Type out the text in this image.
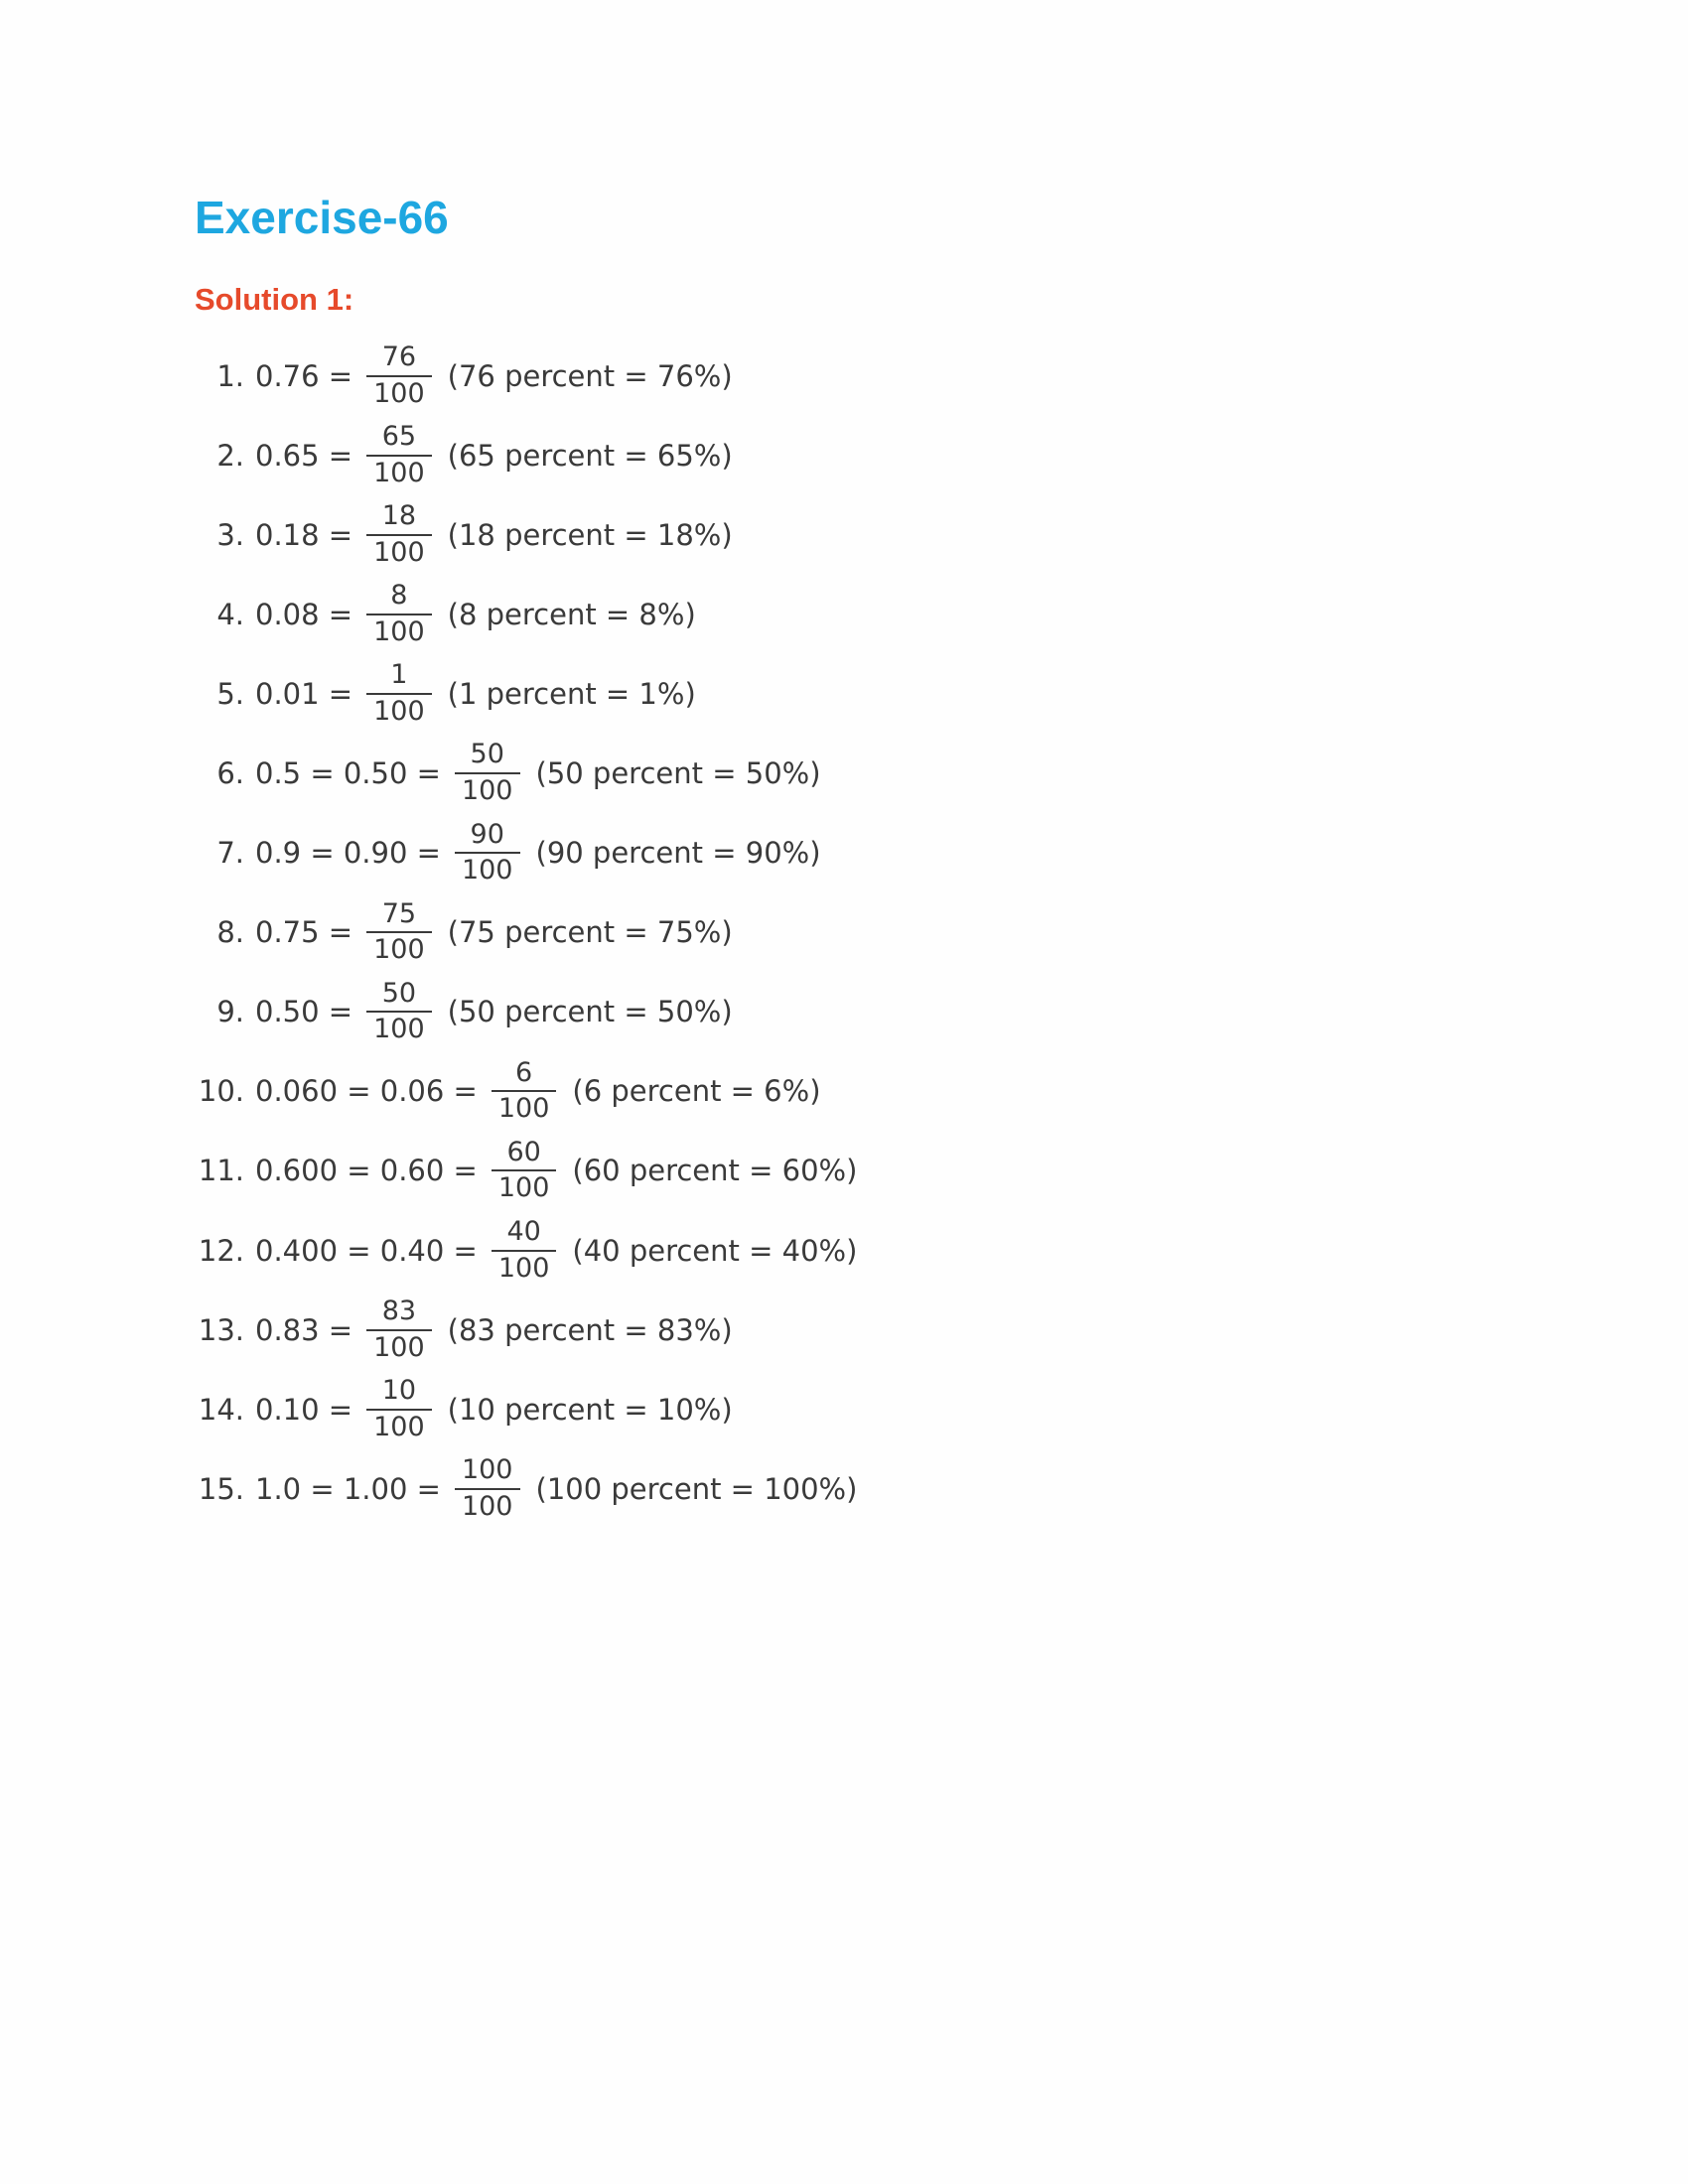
Exercise-66
Solution 1:
1. $0.76 = \frac{76}{100} (76$ percent = 76%)
2. $0.65 = \frac{65}{100} (65$ percent = 65%)
3. $0.18 = \frac{18}{100} (18$ percent = 18%)
4. $0.08 = \frac{8}{100} (8$ percent = 8%)
5. $0.01 = \frac{1}{100} (1$ percent = 1%)
6. $0.5 = 0.50 = \frac{50}{100} (50$ percent = 50%)
7. $0.9 = 0.90 = \frac{90}{100} (90$ percent = 90%)
8. $0.75 = \frac{75}{100} (75$ percent = 75%)
9. $0.50 = \frac{50}{100} (50$ percent = 50%)
10. $0.060 = 0.06 = \frac{6}{100} (6$ percent = 6%)
11. $0.600 = 0.60 = \frac{60}{100} (60$ percent = 60%)
12. $0.400 = 0.40 = \frac{40}{100} (40$ percent = 40%)
13. $0.83 = \frac{83}{100} (83$ percent = 83%)
14. $0.10 = \frac{10}{100} (10$ percent = 10%)
15. $1.0 = 1.00 = \frac{100}{100} (100$ percent = 100%)
